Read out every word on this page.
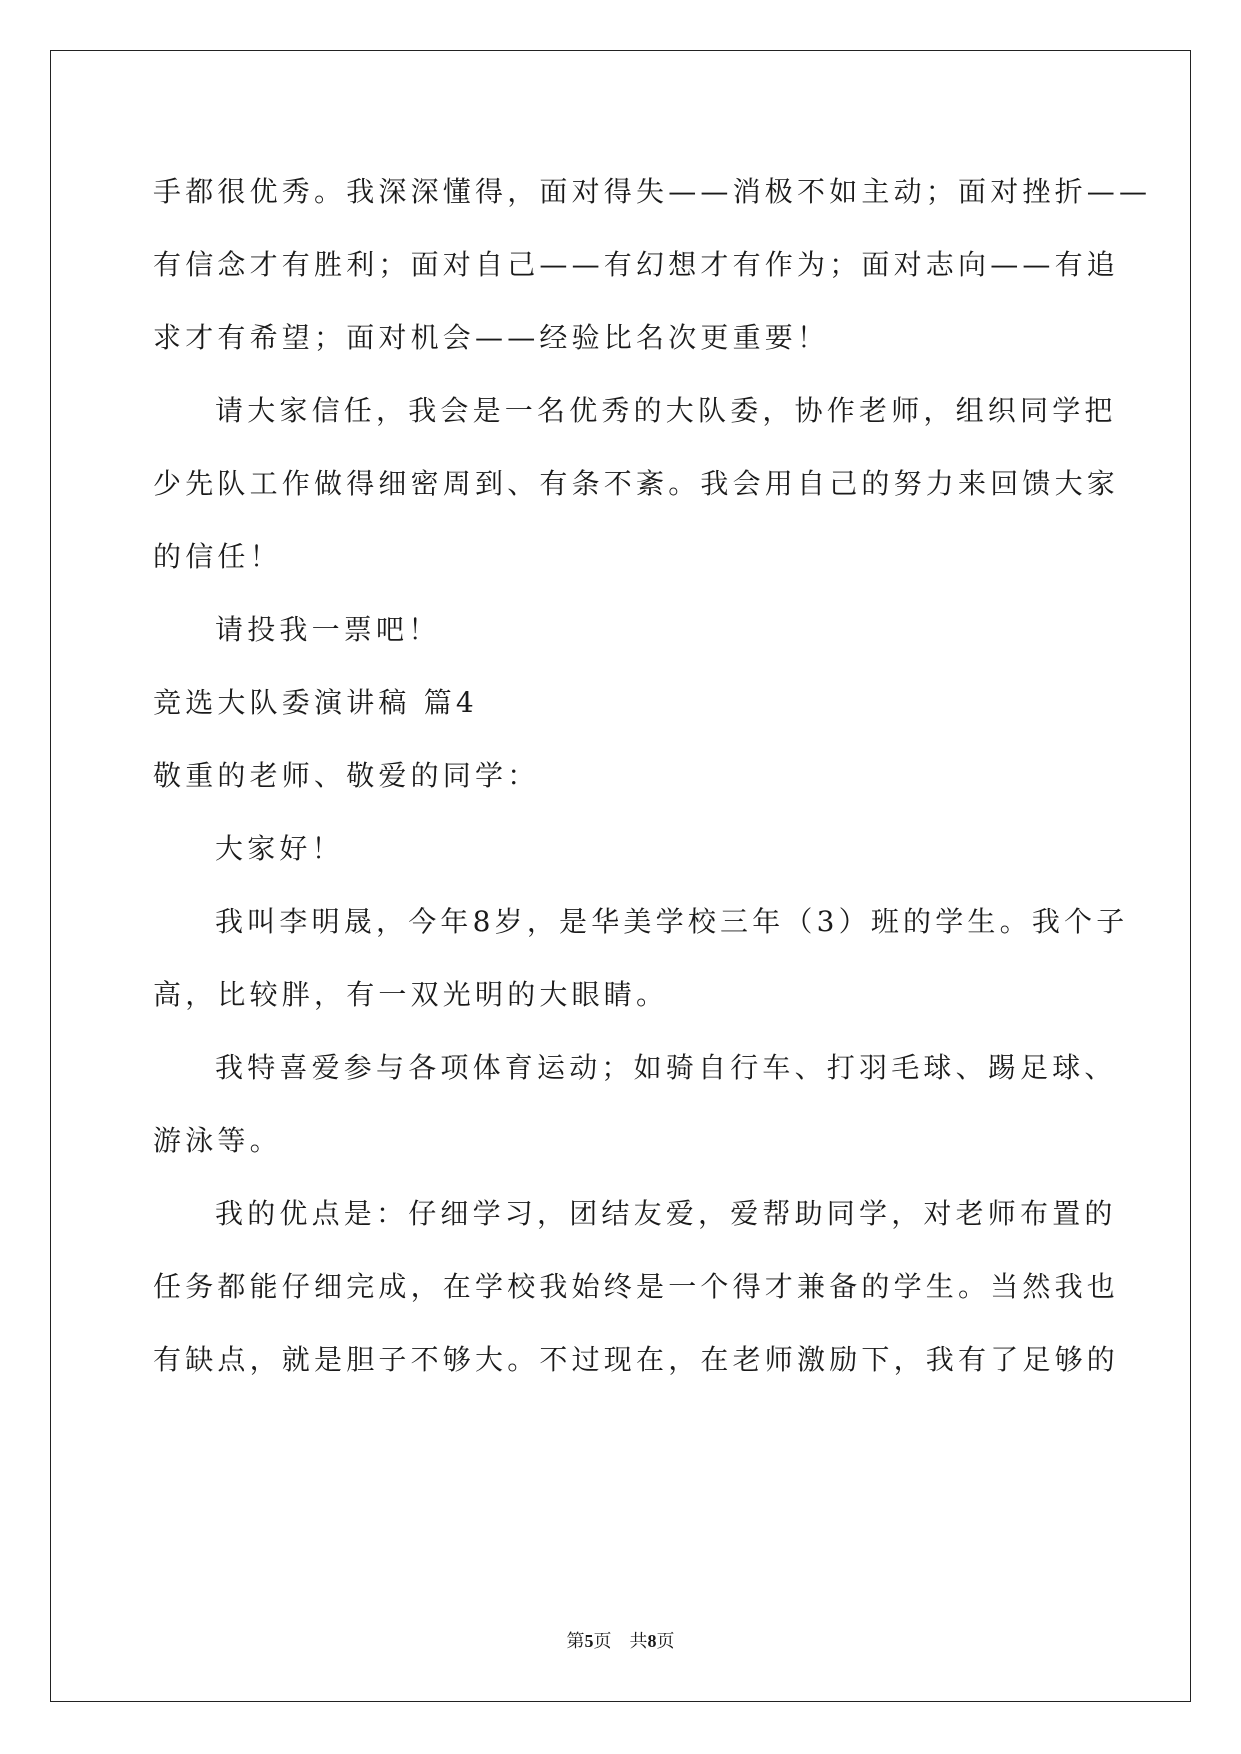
手都很优秀。我深深懂得，面对得失——消极不如主动；面对挫折——
有信念才有胜利；面对自己——有幻想才有作为；面对志向——有追
求才有希望；面对机会——经验比名次更重要！
请大家信任，我会是一名优秀的大队委，协作老师，组织同学把
少先队工作做得细密周到、有条不紊。我会用自己的努力来回馈大家
的信任！
请投我一票吧！
竞选大队委演讲稿 篇4
敬重的老师、敬爱的同学：
大家好！
我叫李明晟，今年8岁，是华美学校三年（3）班的学生。我个子
高，比较胖，有一双光明的大眼睛。
我特喜爱参与各项体育运动；如骑自行车、打羽毛球、踢足球、
游泳等。
我的优点是：仔细学习，团结友爱，爱帮助同学，对老师布置的
任务都能仔细完成，在学校我始终是一个得才兼备的学生。当然我也
有缺点，就是胆子不够大。不过现在，在老师激励下，我有了足够的
第5页　共8页
